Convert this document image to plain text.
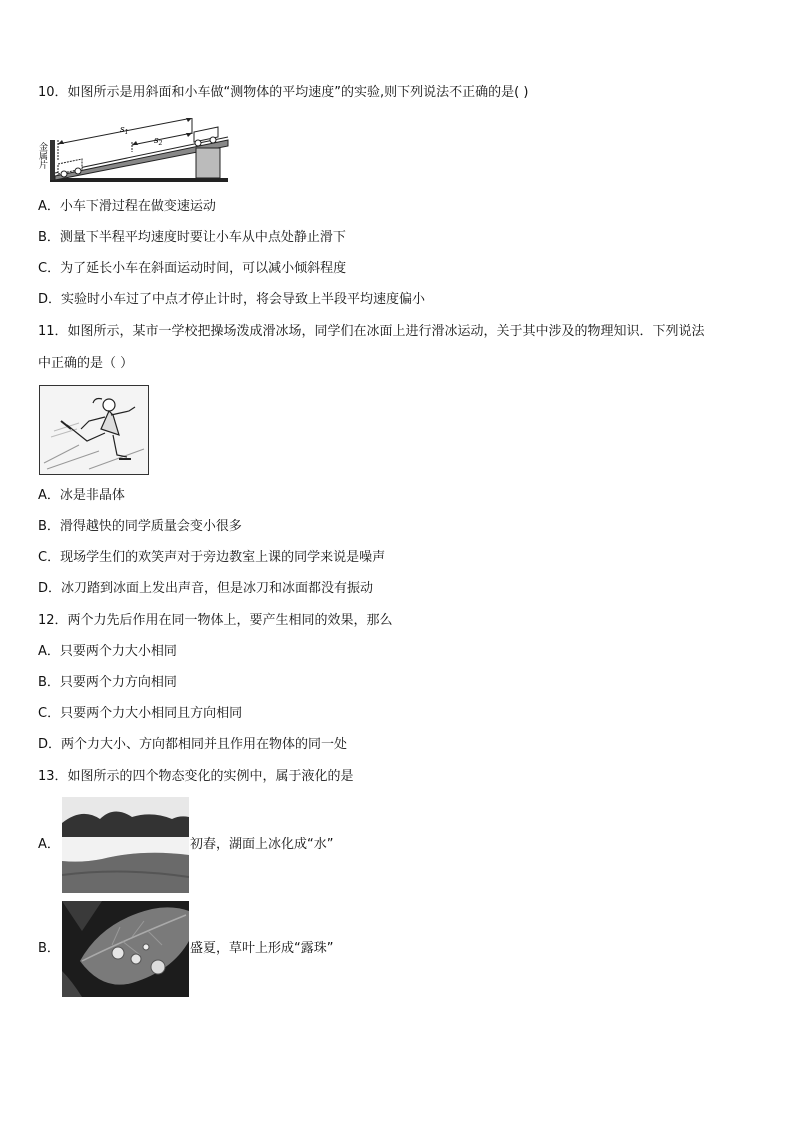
10．如图所示是用斜面和小车做“测物体的平均速度”的实验,则下列说法不正确的是( )
金属片
$s_1$
$s_2$
A．小车下滑过程在做变速运动
B．测量下半程平均速度时要让小车从中点处静止滑下
C．为了延长小车在斜面运动时间，可以减小倾斜程度
D．实验时小车过了中点才停止计时，将会导致上半段平均速度偏小
11．如图所示，某市一学校把操场泼成滑冰场，同学们在冰面上进行滑冰运动，关于其中涉及的物理知识．下列说法
中正确的是（ ）
A．冰是非晶体
B．滑得越快的同学质量会变小很多
C．现场学生们的欢笑声对于旁边教室上课的同学来说是噪声
D．冰刀踏到冰面上发出声音，但是冰刀和冰面都没有振动
12．两个力先后作用在同一物体上，要产生相同的效果，那么
A．只要两个力大小相同
B．只要两个力方向相同
C．只要两个力大小相同且方向相同
D．两个力大小、方向都相同并且作用在物体的同一处
13．如图所示的四个物态变化的实例中，属于液化的是
A．	初春，湖面上冰化成“水”
B．	盛夏，草叶上形成“露珠”
